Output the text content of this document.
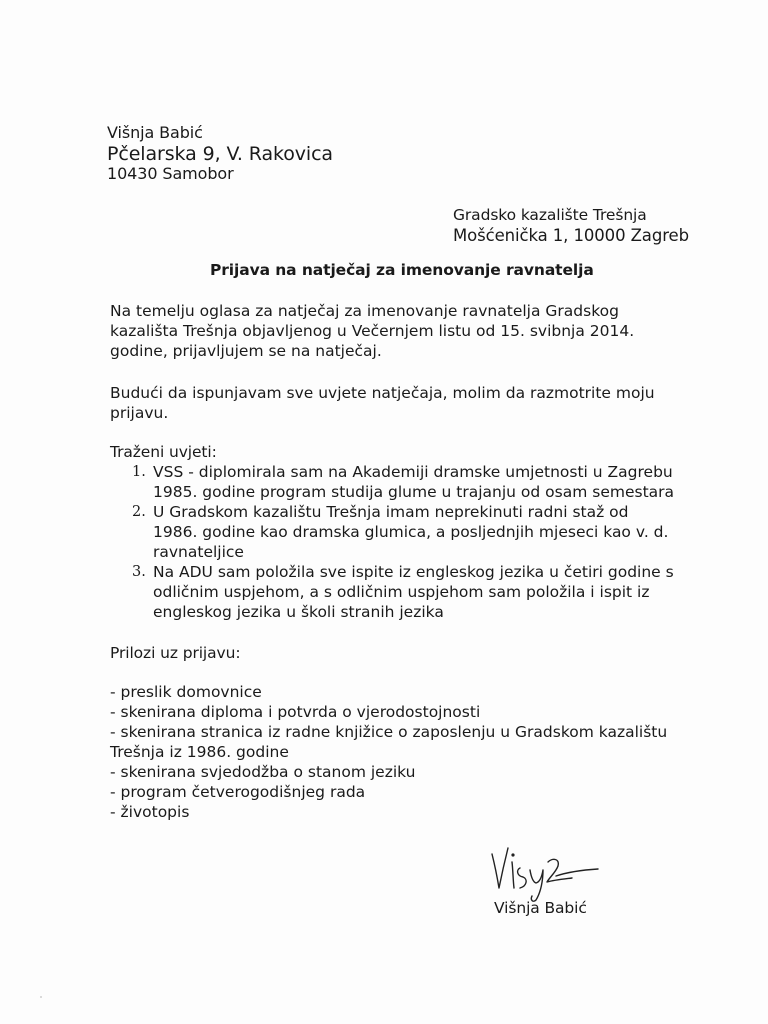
Višnja Babić
Pčelarska 9, V. Rakovica
10430 Samobor
Gradsko kazalište Trešnja
Mošćenička 1, 10000 Zagreb
Prijava na natječaj za imenovanje ravnatelja
Na temelju oglasa za natječaj za imenovanje ravnatelja Gradskog
kazališta Trešnja objavljenog u Večernjem listu od 15. svibnja 2014.
godine, prijavljujem se na natječaj.
Budući da ispunjavam sve uvjete natječaja, molim da razmotrite moju
prijavu.
Traženi uvjeti:
1. VSS - diplomirala sam na Akademiji dramske umjetnosti u Zagrebu
1985. godine program studija glume u trajanju od osam semestara
2. U Gradskom kazalištu Trešnja imam neprekinuti radni staž od
1986. godine kao dramska glumica, a posljednjih mjeseci kao v. d.
ravnateljice
3. Na ADU sam položila sve ispite iz engleskog jezika u četiri godine s
odličnim uspjehom, a s odličnim uspjehom sam položila i ispit iz
engleskog jezika u školi stranih jezika
Prilozi uz prijavu:
- preslik domovnice
- skenirana diploma i potvrda o vjerodostojnosti
- skenirana stranica iz radne knjižice o zaposlenju u Gradskom kazalištu
Trešnja iz 1986. godine
- skenirana svjedodžba o stanom jeziku
- program četverogodišnjeg rada
- životopis
Višnja Babić
